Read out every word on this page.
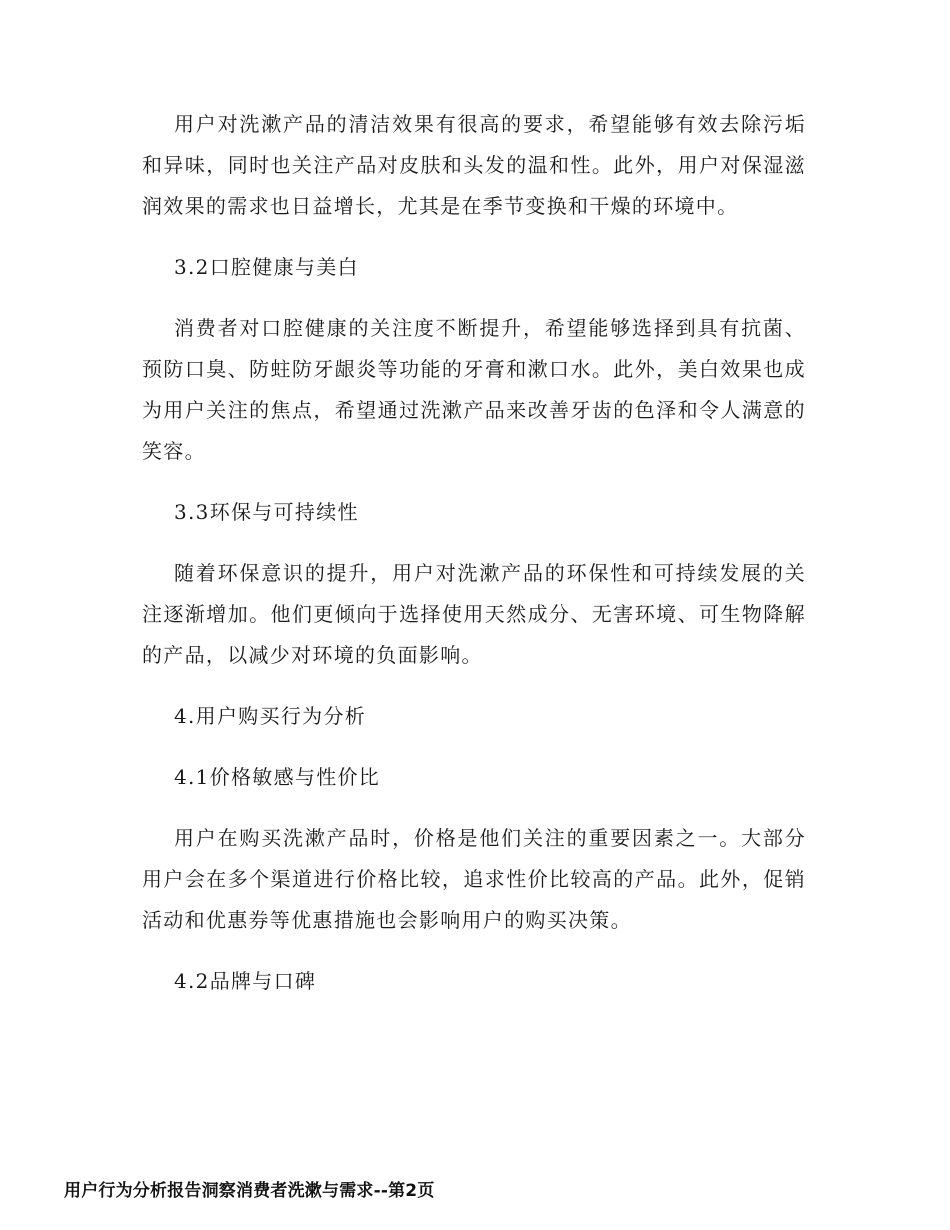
用户对洗漱产品的清洁效果有很高的要求，希望能够有效去除污垢和异味，同时也关注产品对皮肤和头发的温和性。此外，用户对保湿滋润效果的需求也日益增长，尤其是在季节变换和干燥的环境中。

3.2口腔健康与美白

消费者对口腔健康的关注度不断提升，希望能够选择到具有抗菌、预防口臭、防蛀防牙龈炎等功能的牙膏和漱口水。此外，美白效果也成为用户关注的焦点，希望通过洗漱产品来改善牙齿的色泽和令人满意的笑容。

3.3环保与可持续性

随着环保意识的提升，用户对洗漱产品的环保性和可持续发展的关注逐渐增加。他们更倾向于选择使用天然成分、无害环境、可生物降解的产品，以减少对环境的负面影响。

4.用户购买行为分析

4.1价格敏感与性价比

用户在购买洗漱产品时，价格是他们关注的重要因素之一。大部分用户会在多个渠道进行价格比较，追求性价比较高的产品。此外，促销活动和优惠券等优惠措施也会影响用户的购买决策。

4.2品牌与口碑

用户行为分析报告洞察消费者洗漱与需求--第2页
